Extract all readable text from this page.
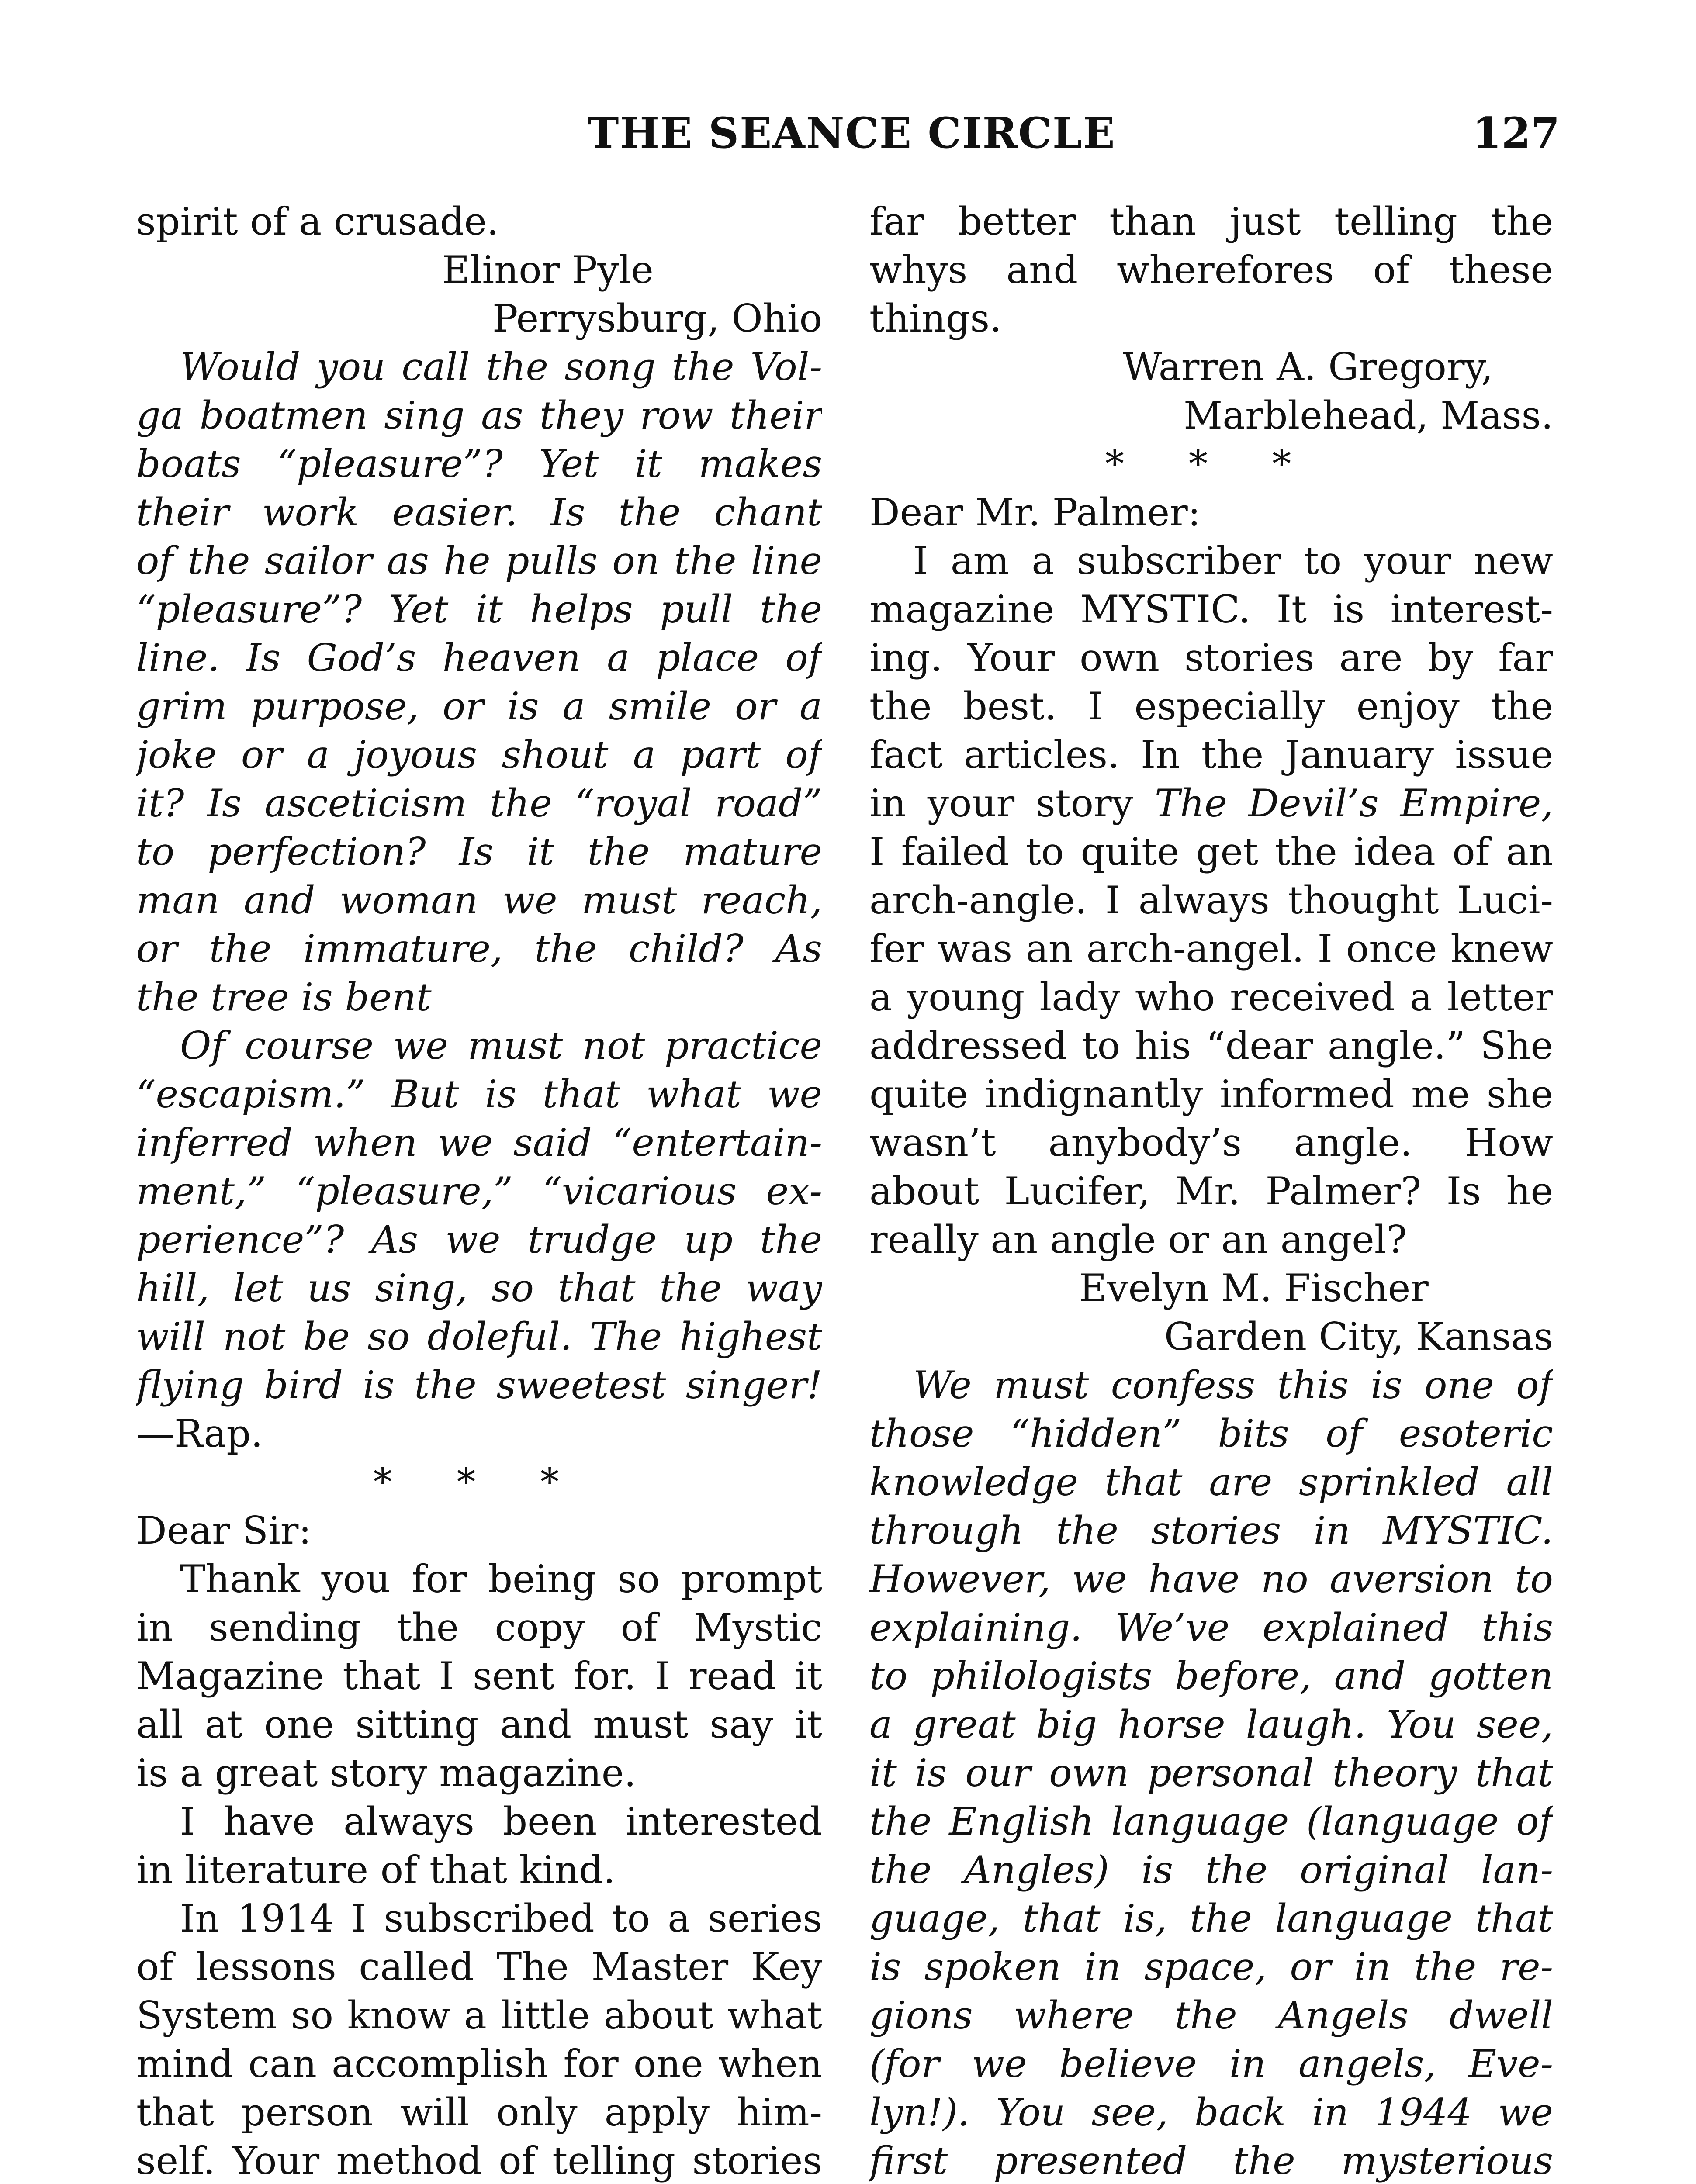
THE SEANCE CIRCLE	127
spirit of a crusade.
Elinor Pyle
Perrysburg, Ohio
Would you call the song the Vol-
ga boatmen sing as they row their
boats “pleasure”? Yet it makes
their work easier. Is the chant
of the sailor as he pulls on the line
“pleasure”? Yet it helps pull the
line. Is God’s heaven a place of
grim purpose, or is a smile or a
joke or a joyous shout a part of
it? Is asceticism the “royal road”
to perfection? Is it the mature
man and woman we must reach,
or the immature, the child? As
the tree is bent
Of course we must not practice
“escapism.” But is that what we
inferred when we said “entertain-
ment,” “pleasure,” “vicarious ex-
perience”? As we trudge up the
hill, let us sing, so that the way
will not be so doleful. The highest
flying bird is the sweetest singer!
—Rap.
* * *
Dear Sir:
Thank you for being so prompt
in sending the copy of Mystic
Magazine that I sent for. I read it
all at one sitting and must say it
is a great story magazine.
I have always been interested
in literature of that kind.
In 1914 I subscribed to a series
of lessons called The Master Key
System so know a little about what
mind can accomplish for one when
that person will only apply him-
self. Your method of telling stories
far better than just telling the
whys and wherefores of these
things.
Warren A. Gregory,
Marblehead, Mass.
* * *
Dear Mr. Palmer:
I am a subscriber to your new
magazine MYSTIC. It is interest-
ing. Your own stories are by far
the best. I especially enjoy the
fact articles. In the January issue
in your story The Devil’s Empire,
I failed to quite get the idea of an
arch-angle. I always thought Luci-
fer was an arch-angel. I once knew
a young lady who received a letter
addressed to his “dear angle.” She
quite indignantly informed me she
wasn’t anybody’s angle. How
about Lucifer, Mr. Palmer? Is he
really an angle or an angel?
Evelyn M. Fischer
Garden City, Kansas
We must confess this is one of
those “hidden” bits of esoteric
knowledge that are sprinkled all
through the stories in MYSTIC.
However, we have no aversion to
explaining. We’ve explained this
to philologists before, and gotten
a great big horse laugh. You see,
it is our own personal theory that
the English language (language of
the Angles) is the original lan-
guage, that is, the language that
is spoken in space, or in the re-
gions where the Angels dwell
(for we believe in angels, Eve-
lyn!). You see, back in 1944 we
first presented the mysterious
